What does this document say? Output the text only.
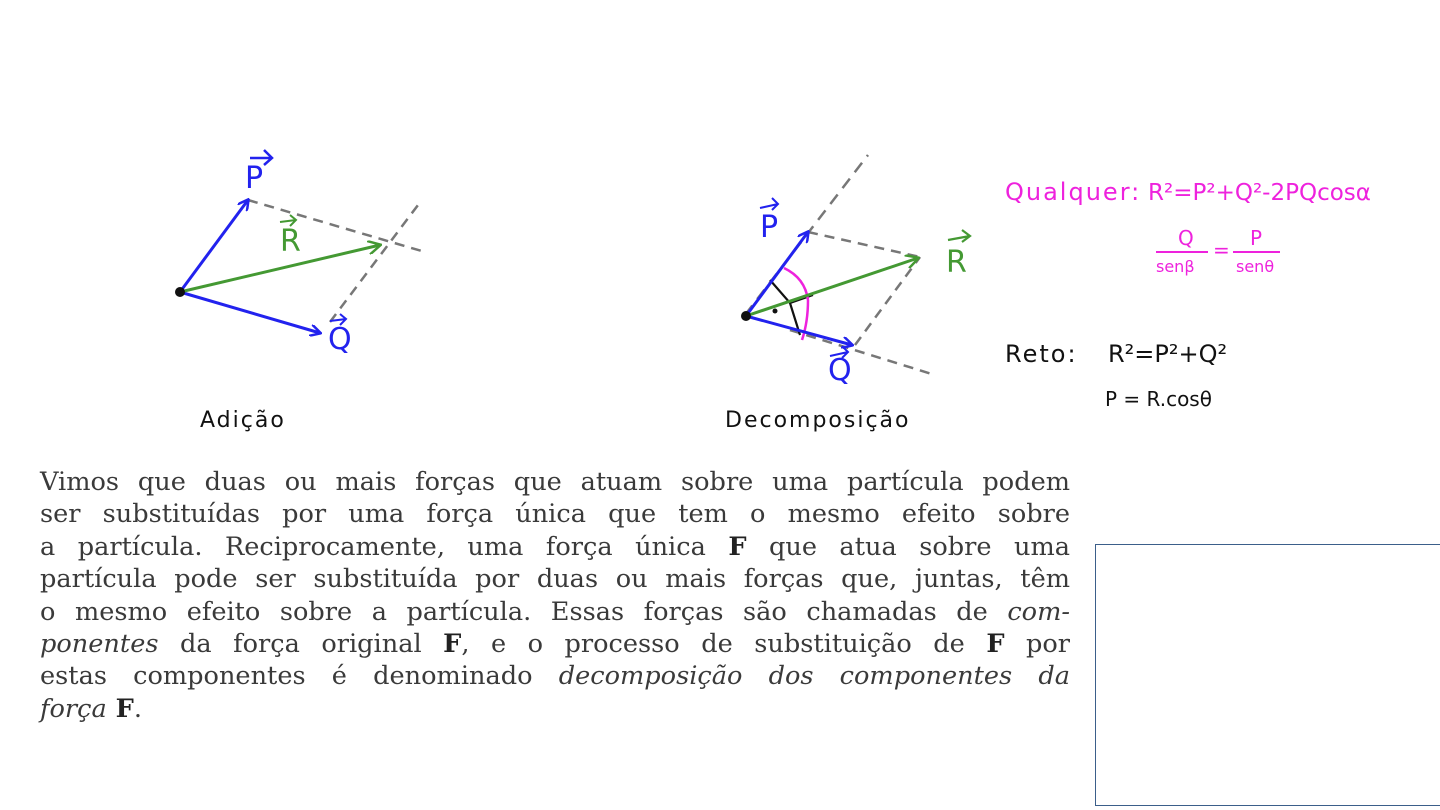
P
R
Q
Adição
P
R
Q
Decomposição
Qualquer: R²=P²+Q²-2PQcosα
Q
senβ
= P
senθ
Reto: R²=P²+Q²
P = R.cosθ
Vimos que duas ou mais forças que atuam sobre uma partícula podem
ser substituídas por uma força única que tem o mesmo efeito sobre
a partícula. Reciprocamente, uma força única F que atua sobre uma
partícula pode ser substituída por duas ou mais forças que, juntas, têm
o mesmo efeito sobre a partícula. Essas forças são chamadas de com-
ponentes da força original F, e o processo de substituição de F por
estas componentes é denominado decomposição dos componentes da
força F.
